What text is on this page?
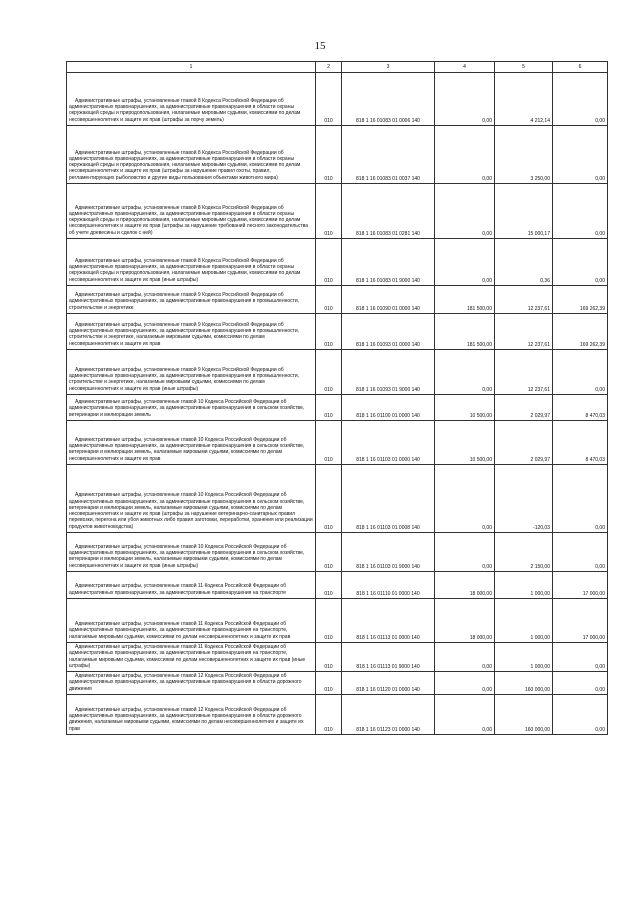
15
1	2	3	4	5	6
Административные штрафы, установленные главой 8 Кодекса Российской Федерации об административных правонарушениях, за административные правонарушения в области охраны окружающей среды и природопользования, налагаемые мировыми судьями, комиссиями по делам несовершеннолетних и защите их прав (штрафы за порчу земель)	010	818 1 16 01083 01 0006 140	0,00	4 212,14	0,00
Административные штрафы, установленные главой 8 Кодекса Российской Федерации об административных правонарушениях, за административные правонарушения в области охраны окружающей среды и природопользования, налагаемые мировыми судьями, комиссиями по делам несовершеннолетних и защите их прав (штрафы за нарушение правил охоты, правил, регламентирующих рыболовство и другие виды пользования объектами животного мира)	010	818 1 16 01083 01 0037 140	0,00	3 250,00	0,00
Административные штрафы, установленные главой 8 Кодекса Российской Федерации об административных правонарушениях, за административные правонарушения в области охраны окружающей среды и природопользования, налагаемые мировыми судьями, комиссиями по делам несовершеннолетних и защите их прав (штрафы за нарушение требований лесного законодательства об учете древесины и сделок с ней)	010	818 1 16 01083 01 0281 140	0,00	15 000,17	0,00
Административные штрафы, установленные главой 8 Кодекса Российской Федерации об административных правонарушениях, за административные правонарушения в области охраны окружающей среды и природопользования, налагаемые мировыми судьями, комиссиями по делам несовершеннолетних и защите их прав (иные штрафы)	010	818 1 16 01083 01 9000 140	0,00	0,36	0,00
Административные штрафы, установленные главой 9 Кодекса Российской Федерации об административных правонарушениях, за административные правонарушения в промышленности, строительстве и энергетике	010	818 1 16 01090 01 0000 140	181 500,00	12 237,61	169 262,39
Административные штрафы, установленные главой 9 Кодекса Российской Федерации об административных правонарушениях, за административные правонарушения в промышленности, строительстве и энергетике, налагаемые мировыми судьями, комиссиями по делам несовершеннолетних и защите их прав	010	818 1 16 01093 01 0000 140	181 500,00	12 237,61	169 262,39
Административные штрафы, установленные главой 9 Кодекса Российской Федерации об административных правонарушениях, за административные правонарушения в промышленности, строительстве и энергетике, налагаемые мировыми судьями, комиссиями по делам несовершеннолетних и защите их прав (иные штрафы)	010	818 1 16 01093 01 9000 140	0,00	12 237,61	0,00
Административные штрафы, установленные главой 10 Кодекса Российской Федерации об административных правонарушениях, за административные правонарушения в сельском хозяйстве, ветеринарии и мелиорации земель	010	818 1 16 01100 01 0000 140	10 500,00	2 029,97	8 470,03
Административные штрафы, установленные главой 10 Кодекса Российской Федерации об административных правонарушениях, за административные правонарушения в сельском хозяйстве, ветеринарии и мелиорации земель, налагаемые мировыми судьями, комиссиями по делам несовершеннолетних и защите их прав	010	818 1 16 01103 01 0000 140	10 500,00	2 029,97	8 470,03
Административные штрафы, установленные главой 10 Кодекса Российской Федерации об административных правонарушениях, за административные правонарушения в сельском хозяйстве, ветеринарии и мелиорации земель, налагаемые мировыми судьями, комиссиями по делам несовершеннолетних и защите их прав (штрафы за нарушение ветеринарно-санитарных правил перевозки, перегона или убоя животных либо правил заготовки, переработки, хранения или реализации продуктов животноводства)	010	818 1 16 01103 01 0008 140	0,00	-120,03	0,00
Административные штрафы, установленные главой 10 Кодекса Российской Федерации об административных правонарушениях, за административные правонарушения в сельском хозяйстве, ветеринарии и мелиорации земель, налагаемые мировыми судьями, комиссиями по делам несовершеннолетних и защите их прав (иные штрафы)	010	818 1 16 01103 01 9000 140	0,00	2 150,00	0,00
Административные штрафы, установленные главой 11 Кодекса Российской Федерации об административных правонарушениях, за административные правонарушения на транспорте	010	818 1 16 01110 01 0000 140	18 000,00	1 000,00	17 000,00
Административные штрафы, установленные главой 11 Кодекса Российской Федерации об административных правонарушениях, за административные правонарушения на транспорте, налагаемые мировыми судьями, комиссиями по делам несовершеннолетних и защите их прав	010	818 1 16 01113 01 0000 140	18 000,00	1 000,00	17 000,00
Административные штрафы, установленные главой 11 Кодекса Российской Федерации об административных правонарушениях, за административные правонарушения на транспорте, налагаемые мировыми судьями, комиссиями по делам несовершеннолетних и защите их прав (иные штрафы)	010	818 1 16 01113 01 9000 140	0,00	1 000,00	0,00
Административные штрафы, установленные главой 12 Кодекса Российской Федерации об административных правонарушениях, за административные правонарушения в области дорожного движения	010	818 1 16 01120 01 0000 140	0,00	160 000,00	0,00
Административные штрафы, установленные главой 12 Кодекса Российской Федерации об административных правонарушениях, за административные правонарушения в области дорожного движения, налагаемые мировыми судьями, комиссиями по делам несовершеннолетних и защите их прав	010	818 1 16 01123 01 0000 140	0,00	160 000,00	0,00
